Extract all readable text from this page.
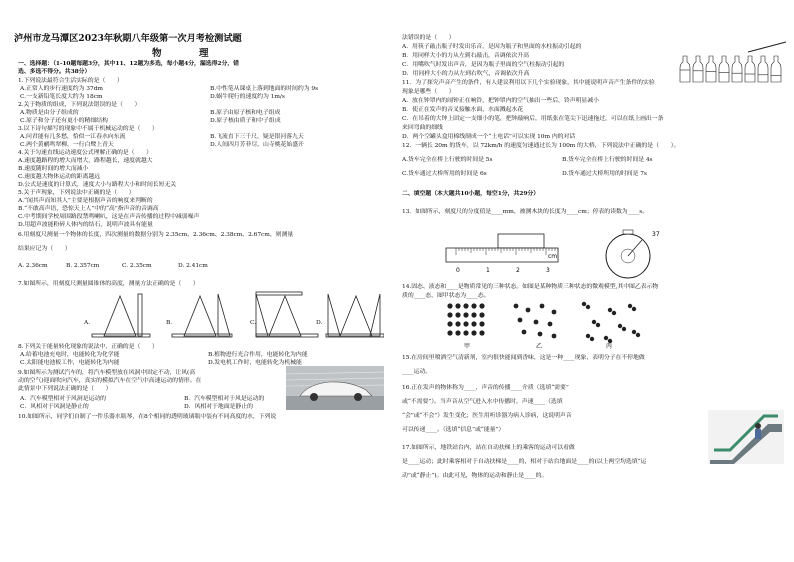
泸州市龙马潭区2023年秋期八年级第一次月考检测试题
物　理
一、选择题：（1-10题每题3分，其中11、12题为多选，每小题4分，漏选得2分，错
选、多选不得分。共38分）
1.下列说法最符合生活实际的是（　　）
A.正常人的步行速度约为 37dm	B.中性笔从课桌上落到地面的时间约为 9s
C.一支新铅笔长度大约为 18cm	D.蜗牛爬行的速度约为 1m/s
2.关于物质的组成，下列说法错误的是（　　）
A.物质是由分子组成的	B.原子由原子核和电子组成
C.原子和分子还有更小的精细结构	D.原子核由质子和中子组成
3.以下诗句描写的现象中不属于机械运动的是（　　）
A.问君能有几多愁，恰似一江春水向东流	B.飞流直下三千尺，疑是银河落九天
C.两个黄鹂鸣翠柳，一行白鹭上青天	D.人间四月芳菲尽，山寺桃花始盛开
4.关于匀速直线运动速度公式理解正确的是（　　）
A.速度越路程的增大而增大，路程越长，速度就越大
B.速度随时间的增大而减小
C.速度越大物体运动的距离越远
D.公式是速度的计算式，速度大小与路程大小和时间长短无关
5.关于声现象，下列说法中正确的是（　　）
A.“闻其声而知其人”主要是根据声音的响度来判断的
B.“不敢高声语，恐惊天上人”中的“高”指声音的音调高
C.中考期间学校周围路段禁鸣喇叭，这是在声音传播的过程中减弱噪声
D.用超声波能粉碎人体内的结石，说明声波具有能量
6.用刻度尺测量一个物体的长度，四次测量的数据分别为 2.35cm、2.36cm、2.38cm、2.67cm，则测量
结果应记为（　　）
A. 2.36cm	B. 2.357cm	C. 2.35cm	D. 2.41cm
7.如图所示，用刻度尺测量圆锥体的高度，测量方法正确的是（　　）
8.下列关于能量转化现象的说法中，正确的是（　　）
A.给蓄电池充电时，电能转化为化学能	B.植物进行光合作用，电能转化为内能
C.太阳能电池板工作，电能转化为内能	D.发电机工作时，电能转化为机械能
9.如图所示为测试汽车的，将汽车模型放在风洞中固定不动，让风(高
动的空气)迎面吹向汽车，真实的模拟汽车在空气中高速运动的情形。在
此情景中下列说法正确的是（　　）
A．汽车模型相对于风洞是运动的	B．汽车模型相对于风是运动的
C．风相对于风洞是静止的	D．风相对于地面是静止的
10.如图所示，同学们自制了一件乐器水瓶琴，在8个相同的透明玻璃瓶中装有不同高度的水，下列说
法错误的是（　　）
A．用筷子敲击瓶子时发出乐音，是因为瓶子和里面的水柱振动引起的
B．用同样大小的力从左到右敲击，音调依次升高
C．用嘴吹气时发出声音，是因为瓶子里面的空气柱振动引起的
D．用同样大小的力从左到右吹气，音调依次升高
11．为了探究声音产生的条件，有人建议利用以下几个实验现象，其中能说明声音产生条件的实验
现象是哪些（　　）
A．放在钟罩内的闹钟正在响铃，把钟罩内的空气抽出一些后，铃声明显减小
B．使正在发声的音叉接触水面，水面溅起水花
C．在吊着的大钟上固定一支细小的笔，把钟敲响后，用纸张在笔尖下迅速拖过，可以在纸上画出一条
来回弯曲的细线
D．两个空罐头盒用棉线制成一个“土电话”可以实现 10m 内的对话
12．一辆长 20m 的货车，以 72km/h 的速度匀速通过长为 100m 的大桥，下列说法中正确的是（　　）。
A.货车完全在桥上行驶的时间是 5s	B.货车完全在桥上行驶的时间是 4s
C.货车通过大桥所用的时间是 6s	D.货车通过大桥所用的时间是 7s
二、填空题（本大题共10小题，每空1分，共29分）
13．如图所示，刻度尺的分度值是____mm，被测木块的长度为____cm；停表的读数为____s。
14.固态、液态和____是物质常见的三种状态。如图是某种物质三种状态的微观模型,其中图乙表示物
质的____态，图甲状态为____态。
15.在房间里喷洒空气清新剂，室内很快能闻到香味，这是一种____现象，表明分子在不停地做
____运动。
16.正在发声的物体称为____，声音的传播____介质（选填“需要”
或“不需要”）。当声音从空气进入水中传播时，声速____（选填
“会”或“不会”）发生变化；医生用听诊器为病人诊病，这说明声音
可以传递____。（选填“信息”或“能量”）
17.如图所示，地铁站台内，站在自动扶梯上的乘客的运动可以看做
是____运动；此时乘客相对于自动扶梯是____的，相对于站台地面是____的(以上两空均选填“运
动”或“静止”)。由此可见，物体的运动和静止是____的。
A.	B.	C.	D.
0	1	2	3
cm
37
甲	乙	丙
